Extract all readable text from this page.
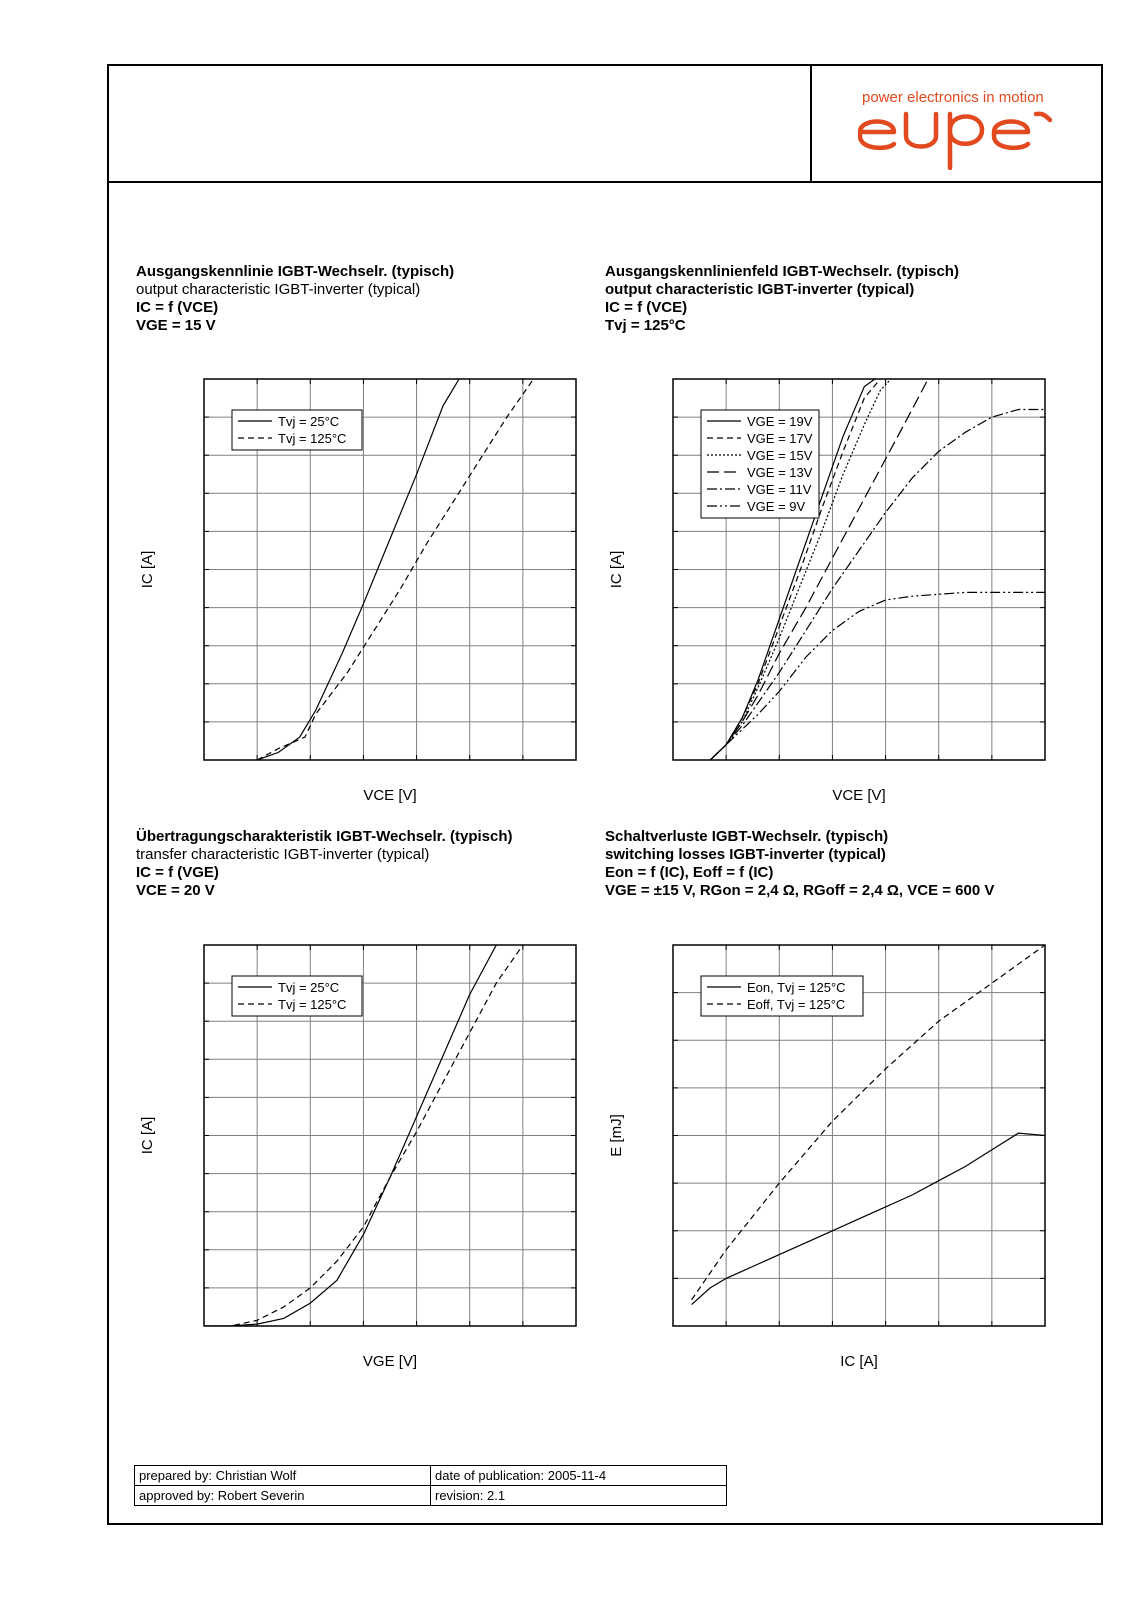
power electronics in motion
Ausgangskennlinie IGBT-Wechselr. (typisch)
output characteristic IGBT-inverter (typical)
IC = f (VCE)
VGE = 15 V
Ausgangskennlinienfeld IGBT-Wechselr. (typisch)
output characteristic IGBT-inverter (typical)
IC = f (VCE)
Tvj = 125°C
Übertragungscharakteristik IGBT-Wechselr. (typisch)
transfer characteristic IGBT-inverter (typical)
IC = f (VGE)
VCE = 20 V
Schaltverluste IGBT-Wechselr. (typisch)
switching losses IGBT-inverter (typical)
Eon = f (IC), Eoff = f (IC)
VGE = ±15 V, RGon = 2,4 Ω, RGoff = 2,4 Ω, VCE = 600 V
Tvj = 25°C
Tvj = 125°C
VCE [V]
IC [A]
VGE = 19V
VGE = 17V
VGE = 15V
VGE = 13V
VGE = 11V
VGE = 9V
VCE [V]
IC [A]
Tvj = 25°C
Tvj = 125°C
VGE [V]
IC [A]
Eon, Tvj = 125°C
Eoff, Tvj = 125°C
IC [A]
E [mJ]
prepared by: Christian Wolf	date of publication: 2005-11-4
approved by: Robert Severin	revision: 2.1
